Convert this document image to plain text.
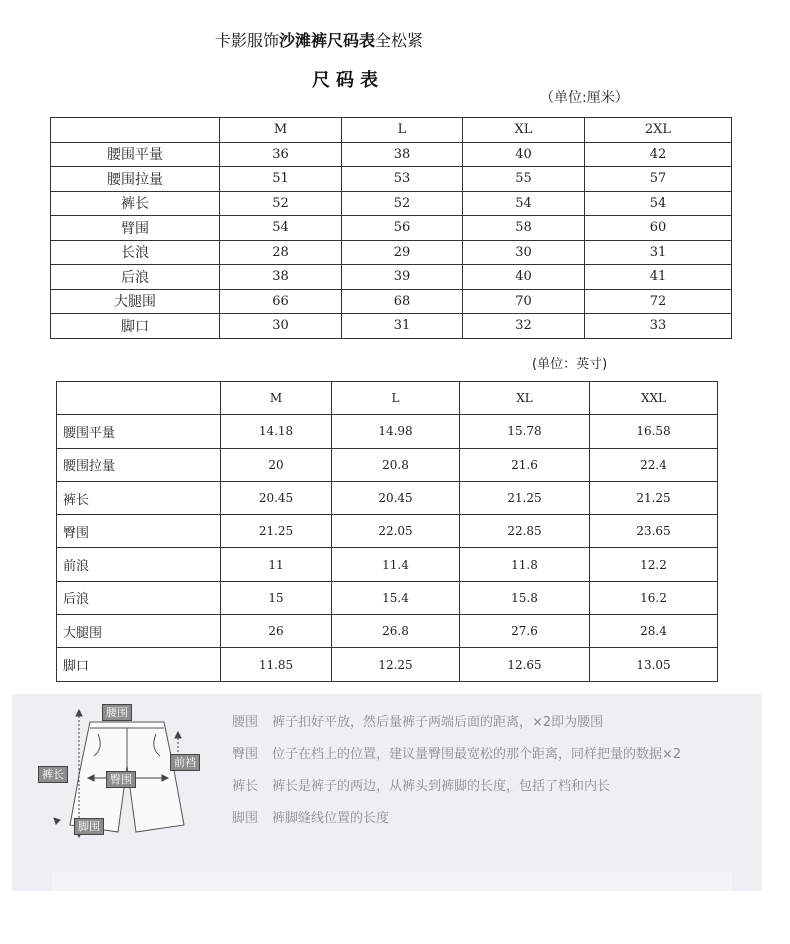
卡影服饰沙滩裤尺码表全松紧
尺码表
（单位:厘米）
	M	L	XL	2XL
腰围平量	36	38	40	42
腰围拉量	51	53	55	57
裤长	52	52	54	54
臂围	54	56	58	60
长浪	28	29	30	31
后浪	38	39	40	41
大腿围	66	68	70	72
脚口	30	31	32	33
(单位：英寸)
	M	L	XL	XXL
腰围平量	14.18	14.98	15.78	16.58
腰围拉量	20	20.8	21.6	22.4
裤长	20.45	20.45	21.25	21.25
臀围	21.25	22.05	22.85	23.65
前浪	11	11.4	11.8	12.2
后浪	15	15.4	15.8	16.2
大腿围	26	26.8	27.6	28.4
脚口	11.85	12.25	12.65	13.05
腰围
裤长	臀围
前裆
脚围
腰围 裤子扣好平放，然后量裤子两端后面的距离，×2即为腰围
臀围 位子在档上的位置，建议量臀围最宽松的那个距离，同样把量的数据×2
裤长 裤长是裤子的两边，从裤头到裤脚的长度，包括了档和内长
脚围 裤脚缝线位置的长度
